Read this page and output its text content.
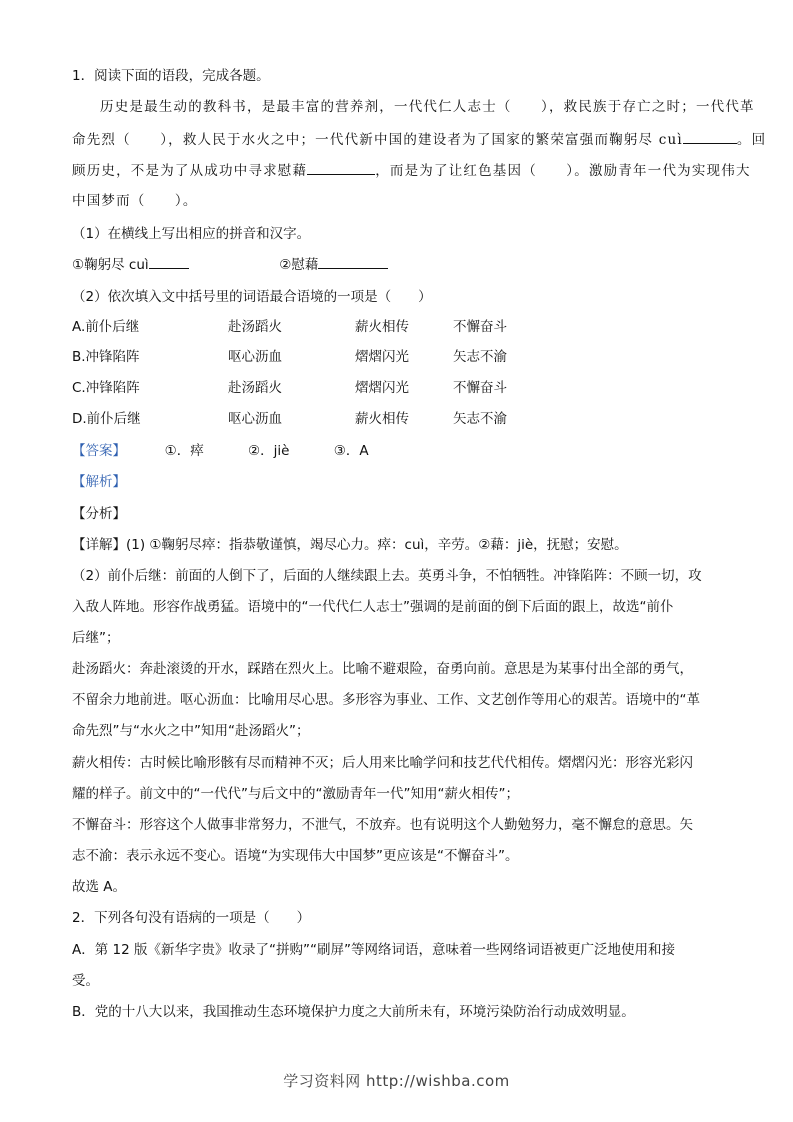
1．阅读下面的语段，完成各题。
历史是最生动的教科书，是最丰富的营养剂，一代代仁人志士（　　），救民族于存亡之时；一代代革
命先烈（　　），救人民于水火之中；一代代新中国的建设者为了国家的繁荣富强而鞠躬尽 cuì	。回
顾历史，不是为了从成功中寻求慰藉	，而是为了让红色基因（　　）。激励青年一代为实现伟大
中国梦而（　　）。
（1）在横线上写出相应的拼音和汉字。
①鞠躬尽 cuì	②慰藉
（2）依次填入文中括号里的词语最合语境的一项是（　　）
A.前仆后继	赴汤蹈火	薪火相传	不懈奋斗
B.冲锋陷阵	呕心沥血	熠熠闪光	矢志不渝
C.冲锋陷阵	赴汤蹈火	熠熠闪光	不懈奋斗
D.前仆后继	呕心沥血	薪火相传	矢志不渝
【答案】	①．瘁	②．jiè	③．A
【解析】
【分析】
【详解】(1) ①鞠躬尽瘁：指恭敬谨慎，竭尽心力。瘁：cuì，辛劳。②藉：jiè，抚慰；安慰。
（2）前仆后继：前面的人倒下了，后面的人继续跟上去。英勇斗争，不怕牺牲。冲锋陷阵：不顾一切，攻
入敌人阵地。形容作战勇猛。语境中的“一代代仁人志士”强调的是前面的倒下后面的跟上，故选“前仆
后继”；
赴汤蹈火：奔赴滚烫的开水，踩踏在烈火上。比喻不避艰险，奋勇向前。意思是为某事付出全部的勇气，
不留余力地前进。呕心沥血：比喻用尽心思。多形容为事业、工作、文艺创作等用心的艰苦。语境中的“革
命先烈”与“水火之中”知用“赴汤蹈火”；
薪火相传：古时候比喻形骸有尽而精神不灭；后人用来比喻学问和技艺代代相传。熠熠闪光：形容光彩闪
耀的样子。前文中的“一代代”与后文中的“激励青年一代”知用“薪火相传”；
不懈奋斗：形容这个人做事非常努力，不泄气，不放弃。也有说明这个人勤勉努力，毫不懈怠的意思。矢
志不渝：表示永远不变心。语境“为实现伟大中国梦”更应该是“不懈奋斗”。
故选 A。
2．下列各句没有语病的一项是（　　）
A．第 12 版《新华字贵》收录了“拼购”“刷屏”等网络词语，意味着一些网络词语被更广泛地使用和接
受。
B．党的十八大以来，我国推动生态环境保护力度之大前所未有，环境污染防治行动成效明显。
学习资料网 http://wishba.com
